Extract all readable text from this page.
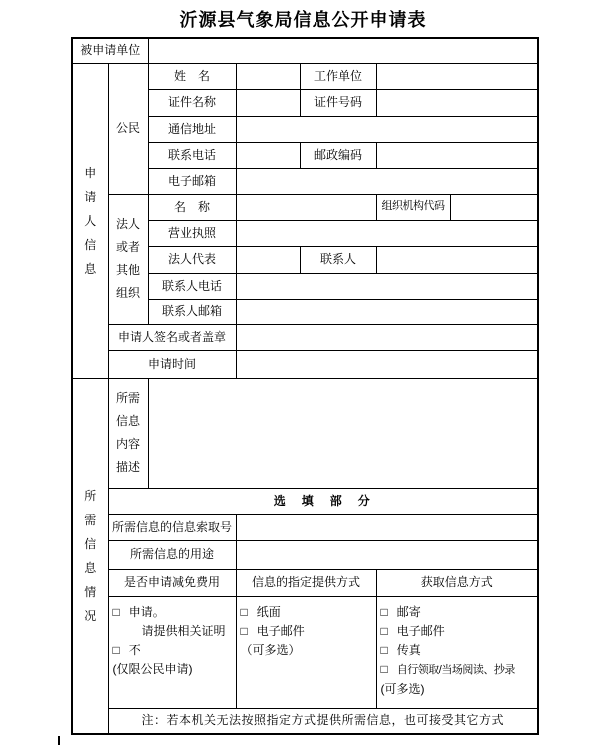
沂源县气象局信息公开申请表
被申请单位						

申
请
人
信
息	公民	姓　名		工作单位		
		证件名称		证件号码		
		通信地址				
		联系电话		邮政编码		
		电子邮箱				

	法人
或者
其他
组织	名　称			组织机构代码	
		营业执照				
		法人代表		联系人		
		联系人电话				
		联系人邮箱				
	申请人签名或者盖章					
	申请时间					

所
需
信
息
情
况

所需
信息
内容
描述

	选　填　部　分					
	所需信息的信息索取号					
	所需信息的用途					
	是否申请减免费用		信息的指定提供方式		获取信息方式	

□ 申请。
请提供相关证明
□ 不
(仅限公民申请)

□ 纸面
□ 电子邮件
（可多选）

□ 邮寄
□ 电子邮件
□ 传真
□ 自行领取/当场阅读、抄录
(可多选)

	注：若本机关无法按照指定方式提供所需信息，也可接受其它方式					
